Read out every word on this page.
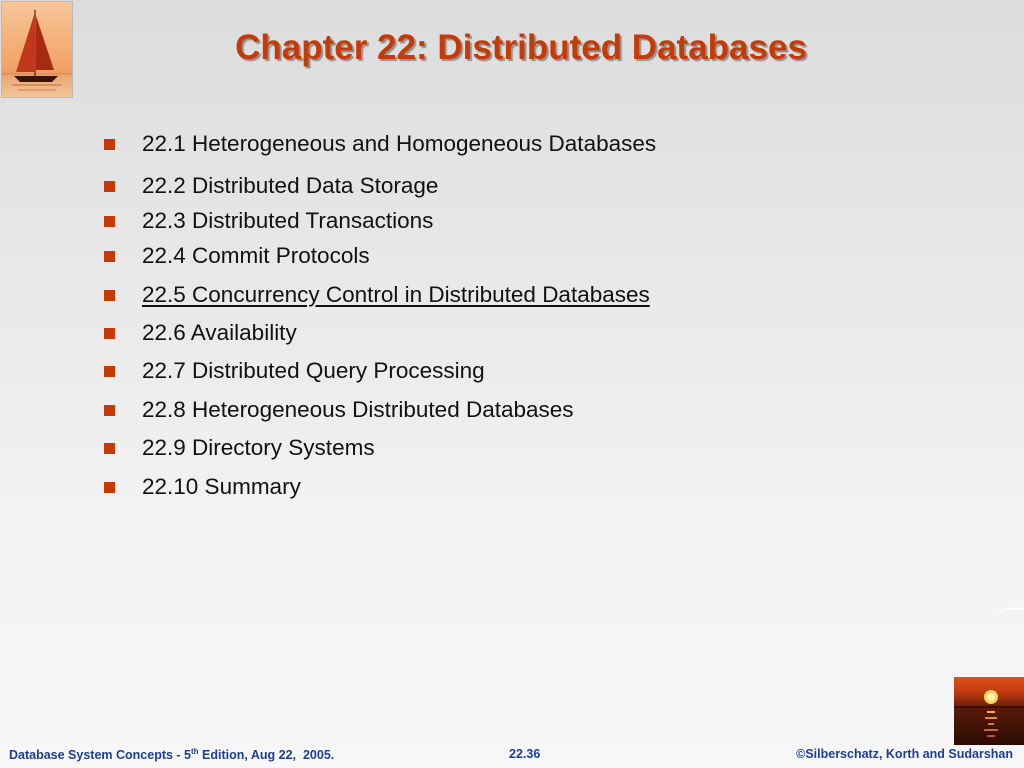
Chapter 22: Distributed Databases
22.1 Heterogeneous and Homogeneous Databases
22.2 Distributed Data Storage
22.3 Distributed Transactions
22.4 Commit Protocols
22.5 Concurrency Control in Distributed Databases
22.6 Availability
22.7 Distributed Query Processing
22.8 Heterogeneous Distributed Databases
22.9 Directory Systems
22.10 Summary
Database System Concepts - 5th Edition, Aug 22,  2005.	22.36	©Silberschatz, Korth and Sudarshan
